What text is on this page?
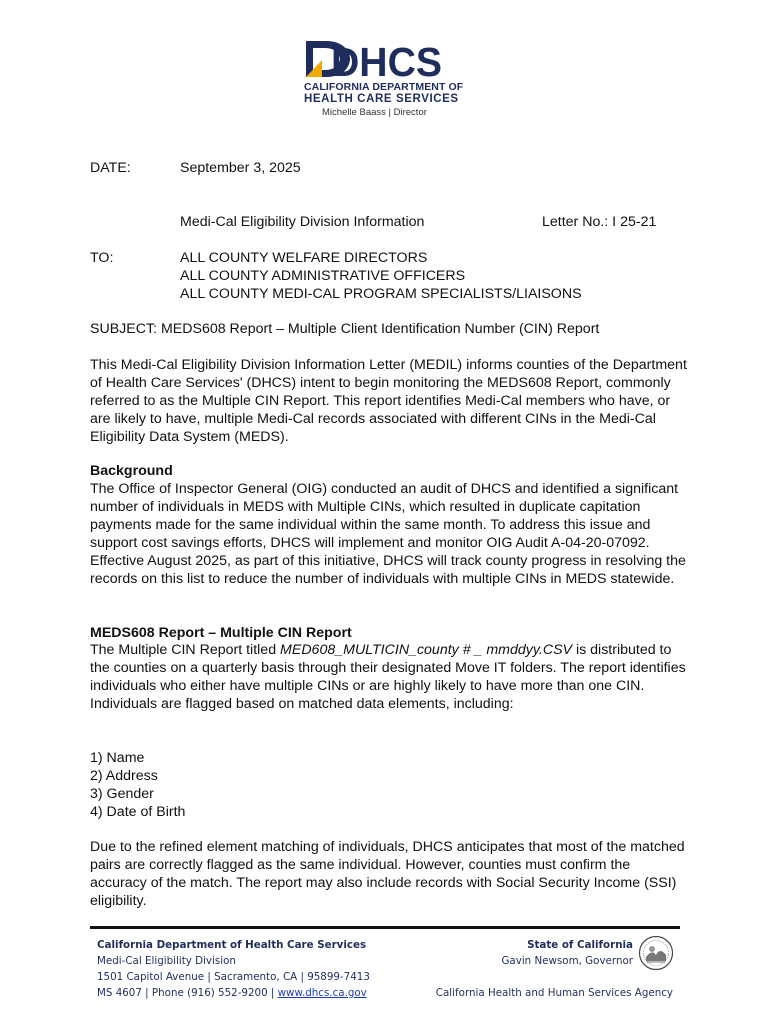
DHCS
CALIFORNIA DEPARTMENT OF
HEALTH CARE SERVICES
Michelle Baass | Director
DATE:	September 3, 2025
Medi-Cal Eligibility Division Information	Letter No.: I 25-21
TO:	ALL COUNTY WELFARE DIRECTORS
ALL COUNTY ADMINISTRATIVE OFFICERS
ALL COUNTY MEDI-CAL PROGRAM SPECIALISTS/LIAISONS
SUBJECT: MEDS608 Report – Multiple Client Identification Number (CIN) Report
This Medi-Cal Eligibility Division Information Letter (MEDIL) informs counties of the Department of Health Care Services' (DHCS) intent to begin monitoring the MEDS608 Report, commonly referred to as the Multiple CIN Report. This report identifies Medi-Cal members who have, or are likely to have, multiple Medi-Cal records associated with different CINs in the Medi-Cal Eligibility Data System (MEDS).
Background
The Office of Inspector General (OIG) conducted an audit of DHCS and identified a significant number of individuals in MEDS with Multiple CINs, which resulted in duplicate capitation payments made for the same individual within the same month. To address this issue and support cost savings efforts, DHCS will implement and monitor OIG Audit A-04-20-07092. Effective August 2025, as part of this initiative, DHCS will track county progress in resolving the records on this list to reduce the number of individuals with multiple CINs in MEDS statewide.
MEDS608 Report – Multiple CIN Report
The Multiple CIN Report titled MED608_MULTICIN_county # _ mmddyy.CSV is distributed to the counties on a quarterly basis through their designated Move IT folders. The report identifies individuals who either have multiple CINs or are highly likely to have more than one CIN. Individuals are flagged based on matched data elements, including:
1) Name
2) Address
3) Gender
4) Date of Birth
Due to the refined element matching of individuals, DHCS anticipates that most of the matched pairs are correctly flagged as the same individual. However, counties must confirm the accuracy of the match. The report may also include records with Social Security Income (SSI) eligibility.
California Department of Health Care Services
Medi-Cal Eligibility Division
1501 Capitol Avenue | Sacramento, CA | 95899-7413
MS 4607 | Phone (916) 552-9200 | www.dhcs.ca.gov
State of California
Gavin Newsom, Governor
California Health and Human Services Agency
